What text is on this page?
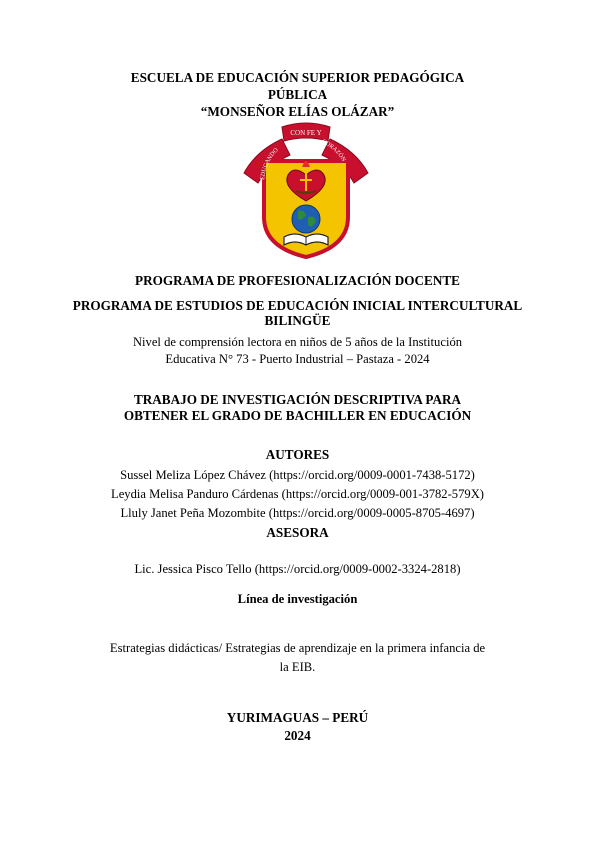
ESCUELA DE EDUCACIÓN SUPERIOR PEDAGÓGICA
PÚBLICA
“MONSEÑOR ELÍAS OLÁZAR”
CON FE Y
EDUCANDO
CORAZÓN
PROGRAMA DE PROFESIONALIZACIÓN DOCENTE
PROGRAMA DE ESTUDIOS DE EDUCACIÓN INICIAL INTERCULTURAL
BILINGÜE
Nivel de comprensión lectora en niños de 5 años de la Institución
Educativa N° 73 - Puerto Industrial – Pastaza - 2024
TRABAJO DE INVESTIGACIÓN DESCRIPTIVA PARA
OBTENER EL GRADO DE BACHILLER EN EDUCACIÓN
AUTORES
Sussel Meliza López Chávez (https://orcid.org/0009-0001-7438-5172)
Leydia Melisa Panduro Cárdenas (https://orcid.org/0009-001-3782-579X)
Lluly Janet Peña Mozombite (https://orcid.org/0009-0005-8705-4697)
ASESORA
Lic. Jessica Pisco Tello (https://orcid.org/0009-0002-3324-2818)
Línea de investigación
Estrategias didácticas/ Estrategias de aprendizaje en la primera infancia de
la EIB.
YURIMAGUAS – PERÚ
2024
